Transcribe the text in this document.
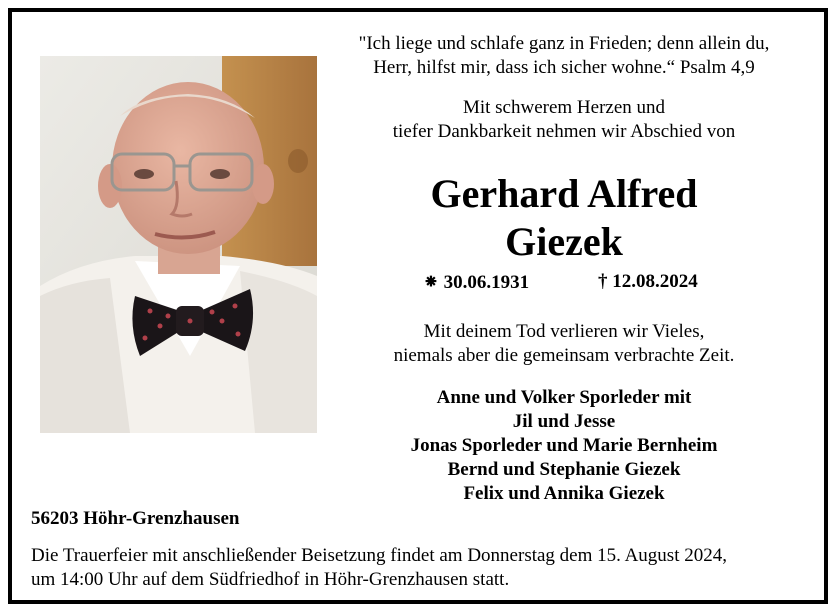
"Ich liege und schlafe ganz in Frieden; denn allein du,
Herr, hilfst mir, dass ich sicher wohne.“ Psalm 4,9
Mit schwerem Herzen und
tiefer Dankbarkeit nehmen wir Abschied von
Gerhard Alfred
Giezek
⁕ 30.06.1931	† 12.08.2024
Mit deinem Tod verlieren wir Vieles,
niemals aber die gemeinsam verbrachte Zeit.
Anne und Volker Sporleder mit
Jil und Jesse
Jonas Sporleder und Marie Bernheim
Bernd und Stephanie Giezek
Felix und Annika Giezek
56203 Höhr-Grenzhausen
Die Trauerfeier mit anschließender Beisetzung findet am Donnerstag dem 15. August 2024,
um 14:00 Uhr auf dem Südfriedhof in Höhr-Grenzhausen statt.
